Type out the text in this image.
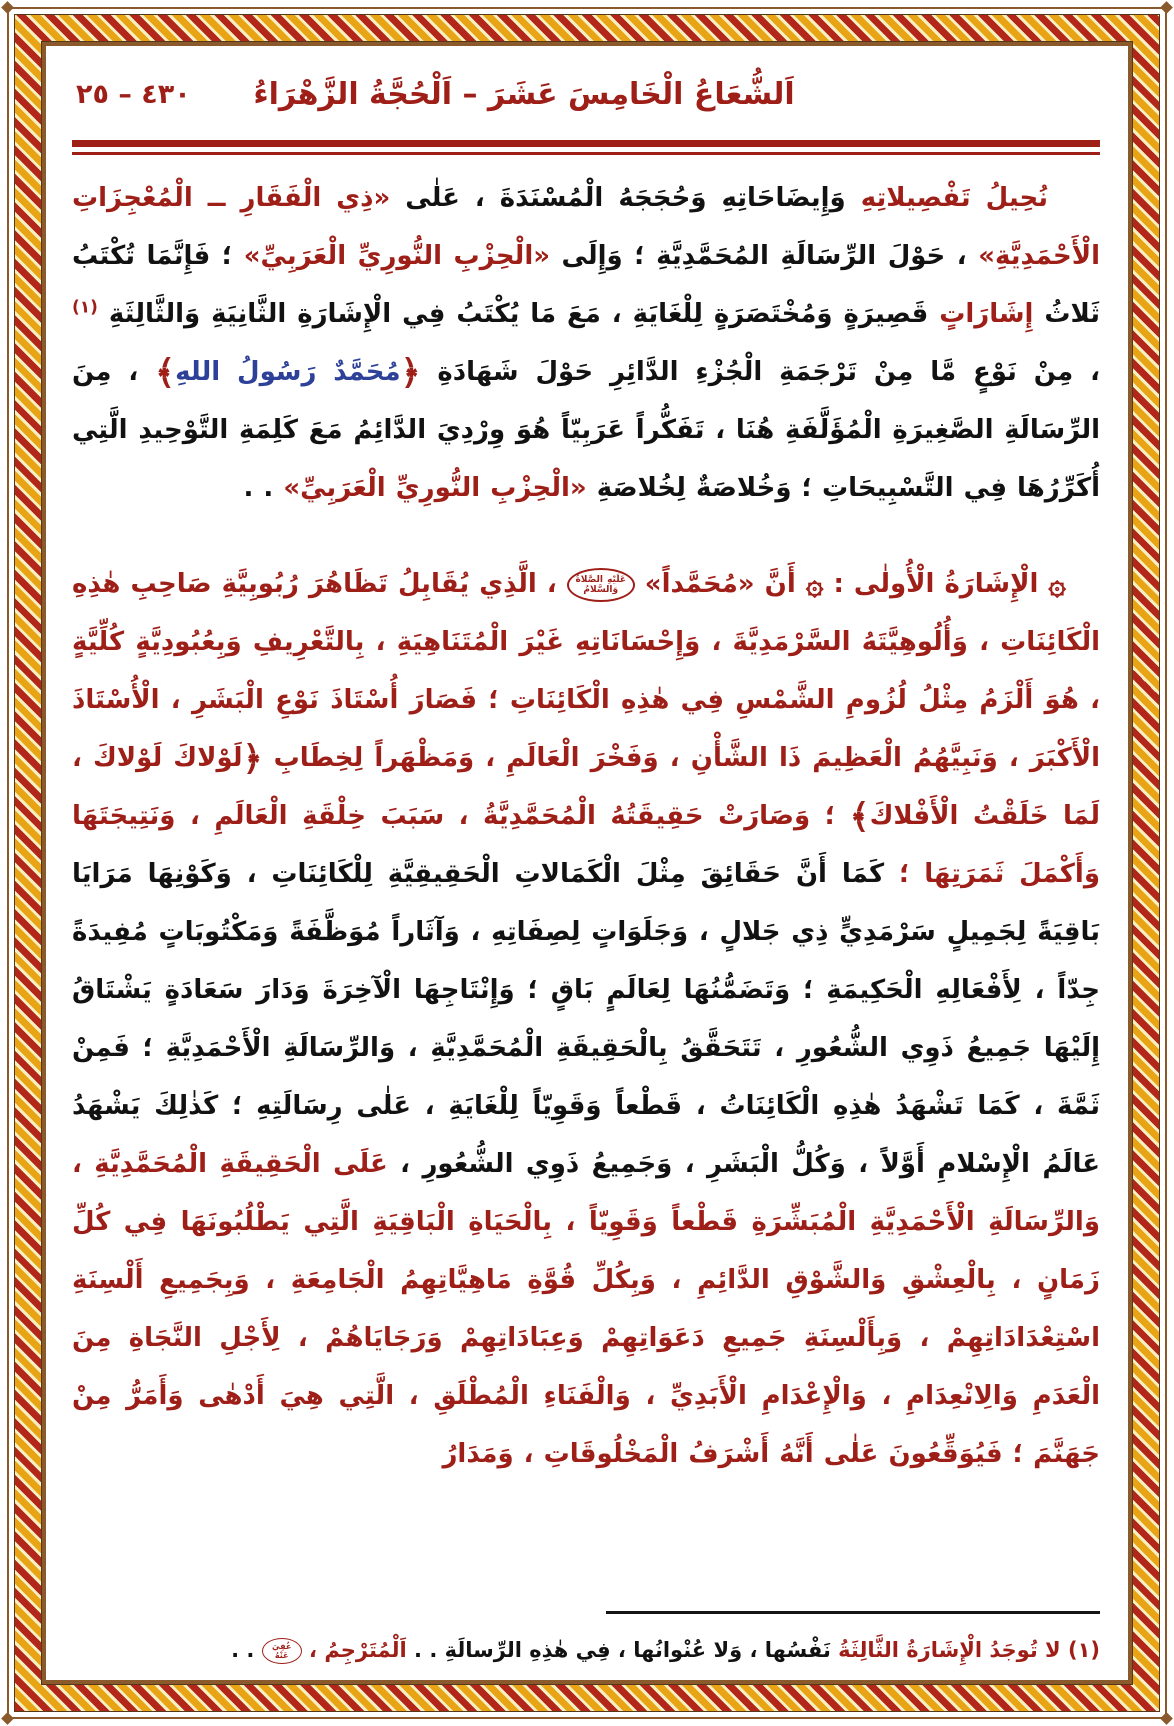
اَلشُّعَاعُ الْخَامِسَ عَشَرَ – اَلْحُجَّةُ الزَّهْرَاءُ
٤٣٠ – ٢٥

نُحِيلُ تَفْصِيلاتِهِ وَإِيضَاحَاتِهِ وَحُجَجَهُ الْمُسْنَدَةَ ، عَلٰى «ذِي الْفَقَارِ ــ الْمُعْجِزَاتِ الْأَحْمَدِيَّةِ» ، حَوْلَ الرِّسَالَةِ المُحَمَّدِيَّةِ ؛ وَإِلَى «الْحِزْبِ النُّورِيِّ الْعَرَبِيِّ» ؛ فَإِنَّمَا تُكْتَبُ ثَلاثُ إِشَارَاتٍ قَصِيرَةٍ وَمُخْتَصَرَةٍ لِلْغَايَةِ ، مَعَ مَا يُكْتَبُ فِي الْإِشَارَةِ الثَّانِيَةِ وَالثَّالِثَةِ $^{(١)}$ ، مِنْ نَوْعٍ مَّا مِنْ تَرْجَمَةِ الْجُزْءِ الدَّائِرِ حَوْلَ شَهَادَةِ ﴿مُحَمَّدٌ رَسُولُ اللهِ﴾ ، مِنَ الرِّسَالَةِ الصَّغِيرَةِ الْمُؤَلَّفَةِ هُنَا ، تَفَكُّراً عَرَبِيّاً هُوَ وِرْدِيَ الدَّائِمُ مَعَ كَلِمَةِ التَّوْحِيدِ الَّتِي أُكَرِّرُهَا فِي التَّسْبِيحَاتِ ؛ وَخُلاصَةٌ لِخُلاصَةِ «الْحِزْبِ النُّورِيِّ الْعَرَبِيِّ» . .

۞ الْإِشَارَةُ الْأُولٰى : ۞ أَنَّ «مُحَمَّداً» عَلَيْهِ الصَّلاةُ وَالسَّلامُ ، الَّذِي يُقَابِلُ تَظَاهُرَ رُبُوبِيَّةِ صَاحِبِ هٰذِهِ الْكَائِنَاتِ ، وَأُلُوهِيَّتَهُ السَّرْمَدِيَّةَ ، وَإِحْسَانَاتِهِ غَيْرَ الْمُتَنَاهِيَةِ ، بِالتَّعْرِيفِ وَبِعُبُودِيَّةٍ كُلِّيَّةٍ ، هُوَ أَلْزَمُ مِثْلُ لُزُومِ الشَّمْسِ فِي هٰذِهِ الْكَائِنَاتِ ؛ فَصَارَ أُسْتَاذَ نَوْعِ الْبَشَرِ ، الْأُسْتَاذَ الْأَكْبَرَ ، وَنَبِيَّهُمُ الْعَظِيمَ ذَا الشَّأْنِ ، وَفَخْرَ الْعَالَمِ ، وَمَظْهَراً لِخِطَابِ ﴿لَوْلاكَ لَوْلاكَ ، لَمَا خَلَقْتُ الْأَفْلاكَ﴾ ؛ وَصَارَتْ حَقِيقَتُهُ الْمُحَمَّدِيَّةُ ، سَبَبَ خِلْقَةِ الْعَالَمِ ، وَنَتِيجَتَهَا وَأَكْمَلَ ثَمَرَتِهَا ؛ كَمَا أَنَّ حَقَائِقَ مِثْلَ الْكَمَالاتِ الْحَقِيقِيَّةِ لِلْكَائِنَاتِ ، وَكَوْنِهَا مَرَايَا بَاقِيَةً لِجَمِيلٍ سَرْمَدِيٍّ ذِي جَلالٍ ، وَجَلَوَاتٍ لِصِفَاتِهِ ، وَآثَاراً مُوَظَّفَةً وَمَكْتُوبَاتٍ مُفِيدَةً جِدّاً ، لِأَفْعَالِهِ الْحَكِيمَةِ ؛ وَتَضَمُّنُهَا لِعَالَمٍ بَاقٍ ؛ وَإِنْتَاجِهَا الْآخِرَةَ وَدَارَ سَعَادَةٍ يَشْتَاقُ إِلَيْهَا جَمِيعُ ذَوِي الشُّعُورِ ، تَتَحَقَّقُ بِالْحَقِيقَةِ الْمُحَمَّدِيَّةِ ، وَالرِّسَالَةِ الْأَحْمَدِيَّةِ ؛ فَمِنْ ثَمَّةَ ، كَمَا تَشْهَدُ هٰذِهِ الْكَائِنَاتُ ، قَطْعاً وَقَوِيّاً لِلْغَايَةِ ، عَلٰى رِسَالَتِهِ ؛ كَذٰلِكَ يَشْهَدُ عَالَمُ الْإِسْلامِ أَوَّلاً ، وَكُلُّ الْبَشَرِ ، وَجَمِيعُ ذَوِي الشُّعُورِ ، عَلَى الْحَقِيقَةِ الْمُحَمَّدِيَّةِ ، وَالرِّسَالَةِ الْأَحْمَدِيَّةِ الْمُبَشِّرَةِ قَطْعاً وَقَوِيّاً ، بِالْحَيَاةِ الْبَاقِيَةِ الَّتِي يَطْلُبُونَهَا فِي كُلِّ زَمَانٍ ، بِالْعِشْقِ وَالشَّوْقِ الدَّائِمِ ، وَبِكُلِّ قُوَّةِ مَاهِيَّاتِهِمُ الْجَامِعَةِ ، وَبِجَمِيعِ أَلْسِنَةِ اسْتِعْدَادَاتِهِمْ ، وَبِأَلْسِنَةِ جَمِيعِ دَعَوَاتِهِمْ وَعِبَادَاتِهِمْ وَرَجَايَاهُمْ ، لِأَجْلِ النَّجَاةِ مِنَ الْعَدَمِ وَالِانْعِدَامِ ، وَالْإِعْدَامِ الْأَبَدِيِّ ، وَالْفَنَاءِ الْمُطْلَقِ ، الَّتِي هِيَ أَدْهٰى وَأَمَرُّ مِنْ جَهَنَّمَ ؛ فَيُوَقِّعُونَ عَلٰى أَنَّهُ أَشْرَفُ الْمَخْلُوقَاتِ ، وَمَدَارُ

(١) لا تُوجَدُ الْإِشَارَةُ الثَّالِثَةُ نَفْسُها ، وَلا عُنْوانُها ، فِي هٰذِهِ الرِّسالَةِ . . اَلْمُتَرْجِمُ ، عُفِيَ عَنْهُ . .
